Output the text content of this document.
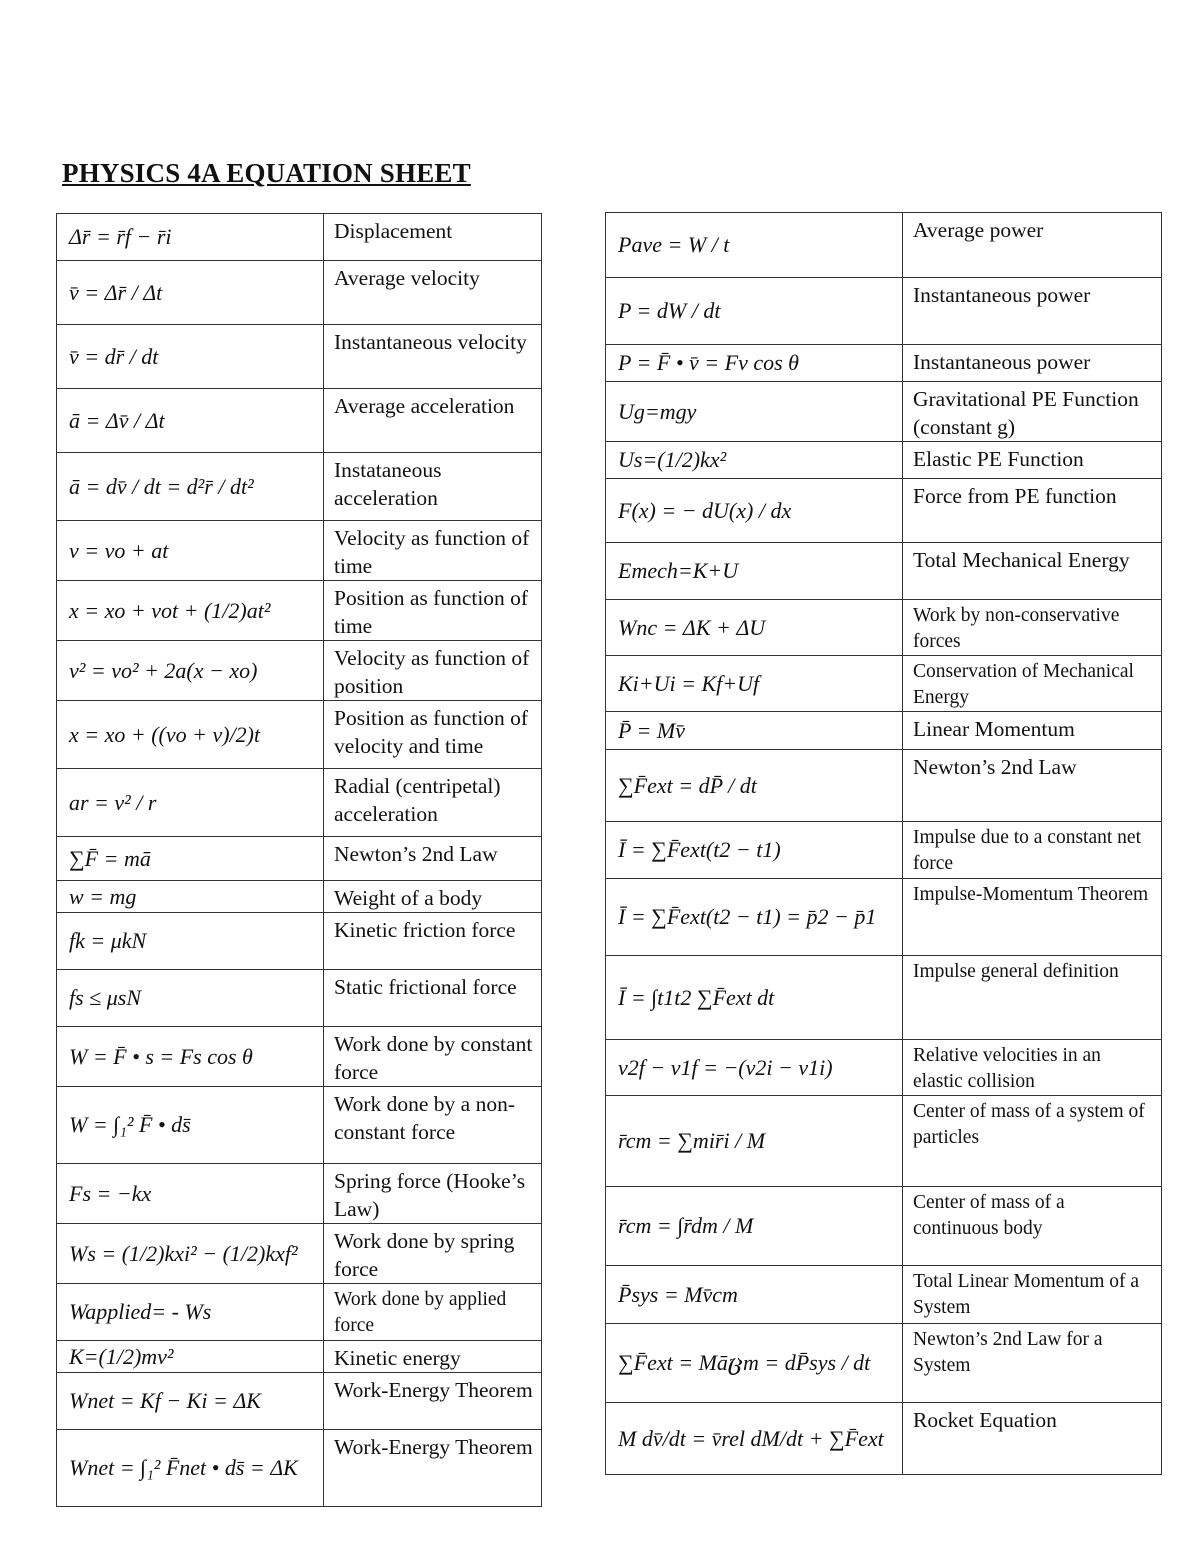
PHYSICS 4A EQUATION SHEET
Δr̄ = r̄f − r̄i	Displacement
v̄ = Δr̄ / Δt	Average velocity
v̄ = dr̄ / dt	Instantaneous velocity
ā = Δv̄ / Δt	Average acceleration
ā = dv̄ / dt = d²r̄ / dt²	Instataneous acceleration
v = vo + at	Velocity as function of time
x = xo + vot + (1/2)at²	Position as function of time
v² = vo² + 2a(x − xo)	Velocity as function of position
x = xo + ((vo + v)/2)t	Position as function of velocity and time
ar = v² / r	Radial (centripetal) acceleration
∑F̄ = mā	Newton’s 2nd Law
w = mg	Weight of a body
fk = μkN	Kinetic friction force
fs ≤ μsN	Static frictional force
W = F̄ • s = Fs cos θ	Work done by constant force
W = ∫₁² F̄ • ds̄	Work done by a non-constant force
Fs = −kx	Spring force (Hooke’s Law)
Ws = (1/2)kxi² − (1/2)kxf²	Work done by spring force
Wapplied= - Ws	Work done by applied force
K=(1/2)mv²	Kinetic energy
Wnet = Kf − Ki = ΔK	Work-Energy Theorem
Wnet = ∫₁² F̄net • ds̄ = ΔK	Work-Energy Theorem
Pave = W / t	Average power
P = dW / dt	Instantaneous power
P = F̄ • v̄ = Fv cos θ	Instantaneous power
Ug=mgy	Gravitational PE Function (constant g)
Us=(1/2)kx²	Elastic PE Function
F(x) = − dU(x) / dx	Force from PE function
Emech=K+U	Total Mechanical Energy
Wnc = ΔK + ΔU	Work by non-conservative forces
Ki+Ui = Kf+Uf	Conservation of Mechanical Energy
P̄ = Mv̄	Linear Momentum
∑F̄ext = dP̄ / dt	Newton’s 2nd Law
Ī = ∑F̄ext(t2 − t1)	Impulse due to a constant net force
Ī = ∑F̄ext(t2 − t1) = p̄2 − p̄1	Impulse-Momentum Theorem
Ī = ∫t1t2 ∑F̄ext dt	Impulse general definition
v2f − v1f = −(v2i − v1i)	Relative velocities in an elastic collision
r̄cm = ∑mir̄i / M	Center of mass of a system of particles
r̄cm = ∫r̄dm / M	Center of mass of a continuous body
P̄sys = Mv̄cm	Total Linear Momentum of a System
∑F̄ext = Māცm = dP̄sys / dt	Newton’s 2nd Law for a System
M dv̄/dt = v̄rel dM/dt + ∑F̄ext	Rocket Equation
